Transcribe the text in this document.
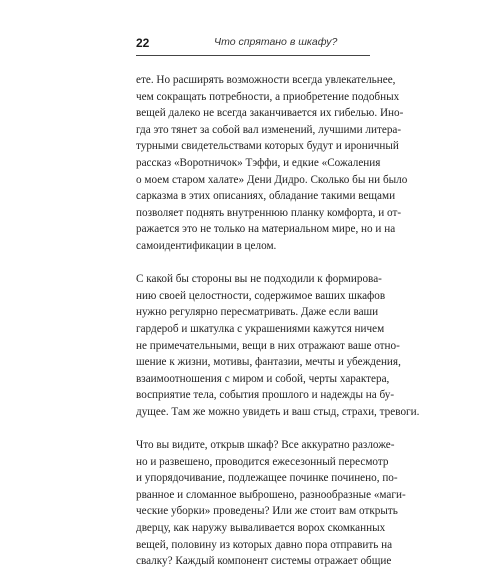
22	Что спрятано в шкафу?
ете. Но расширять возможности всегда увлекательнее,
чем сокращать потребности, а приобретение подобных
вещей далеко не всегда заканчивается их гибелью. Ино-
гда это тянет за собой вал изменений, лучшими литера-
турными свидетельствами которых будут и ироничный
рассказ «Воротничок» Тэффи, и едкие «Сожаления
о моем старом халате» Дени Дидро. Сколько бы ни было
сарказма в этих описаниях, обладание такими вещами
позволяет поднять внутреннюю планку комфорта, и от-
ражается это не только на материальном мире, но и на
самоидентификации в целом.
С какой бы стороны вы не подходили к формирова-
нию своей целостности, содержимое ваших шкафов
нужно регулярно пересматривать. Даже если ваши
гардероб и шкатулка с украшениями кажутся ничем
не примечательными, вещи в них отражают ваше отно-
шение к жизни, мотивы, фантазии, мечты и убеждения,
взаимоотношения с миром и собой, черты характера,
восприятие тела, события прошлого и надежды на бу-
дущее. Там же можно увидеть и ваш стыд, страхи, тревоги.
Что вы видите, открыв шкаф? Все аккуратно разложе-
но и развешено, проводится ежесезонный пересмотр
и упорядочивание, подлежащее починке починено, по-
рванное и сломанное выброшено, разнообразные «маги-
ческие уборки» проведены? Или же стоит вам открыть
дверцу, как наружу вываливается ворох скомканных
вещей, половину из которых давно пора отправить на
свалку? Каждый компонент системы отражает общие
